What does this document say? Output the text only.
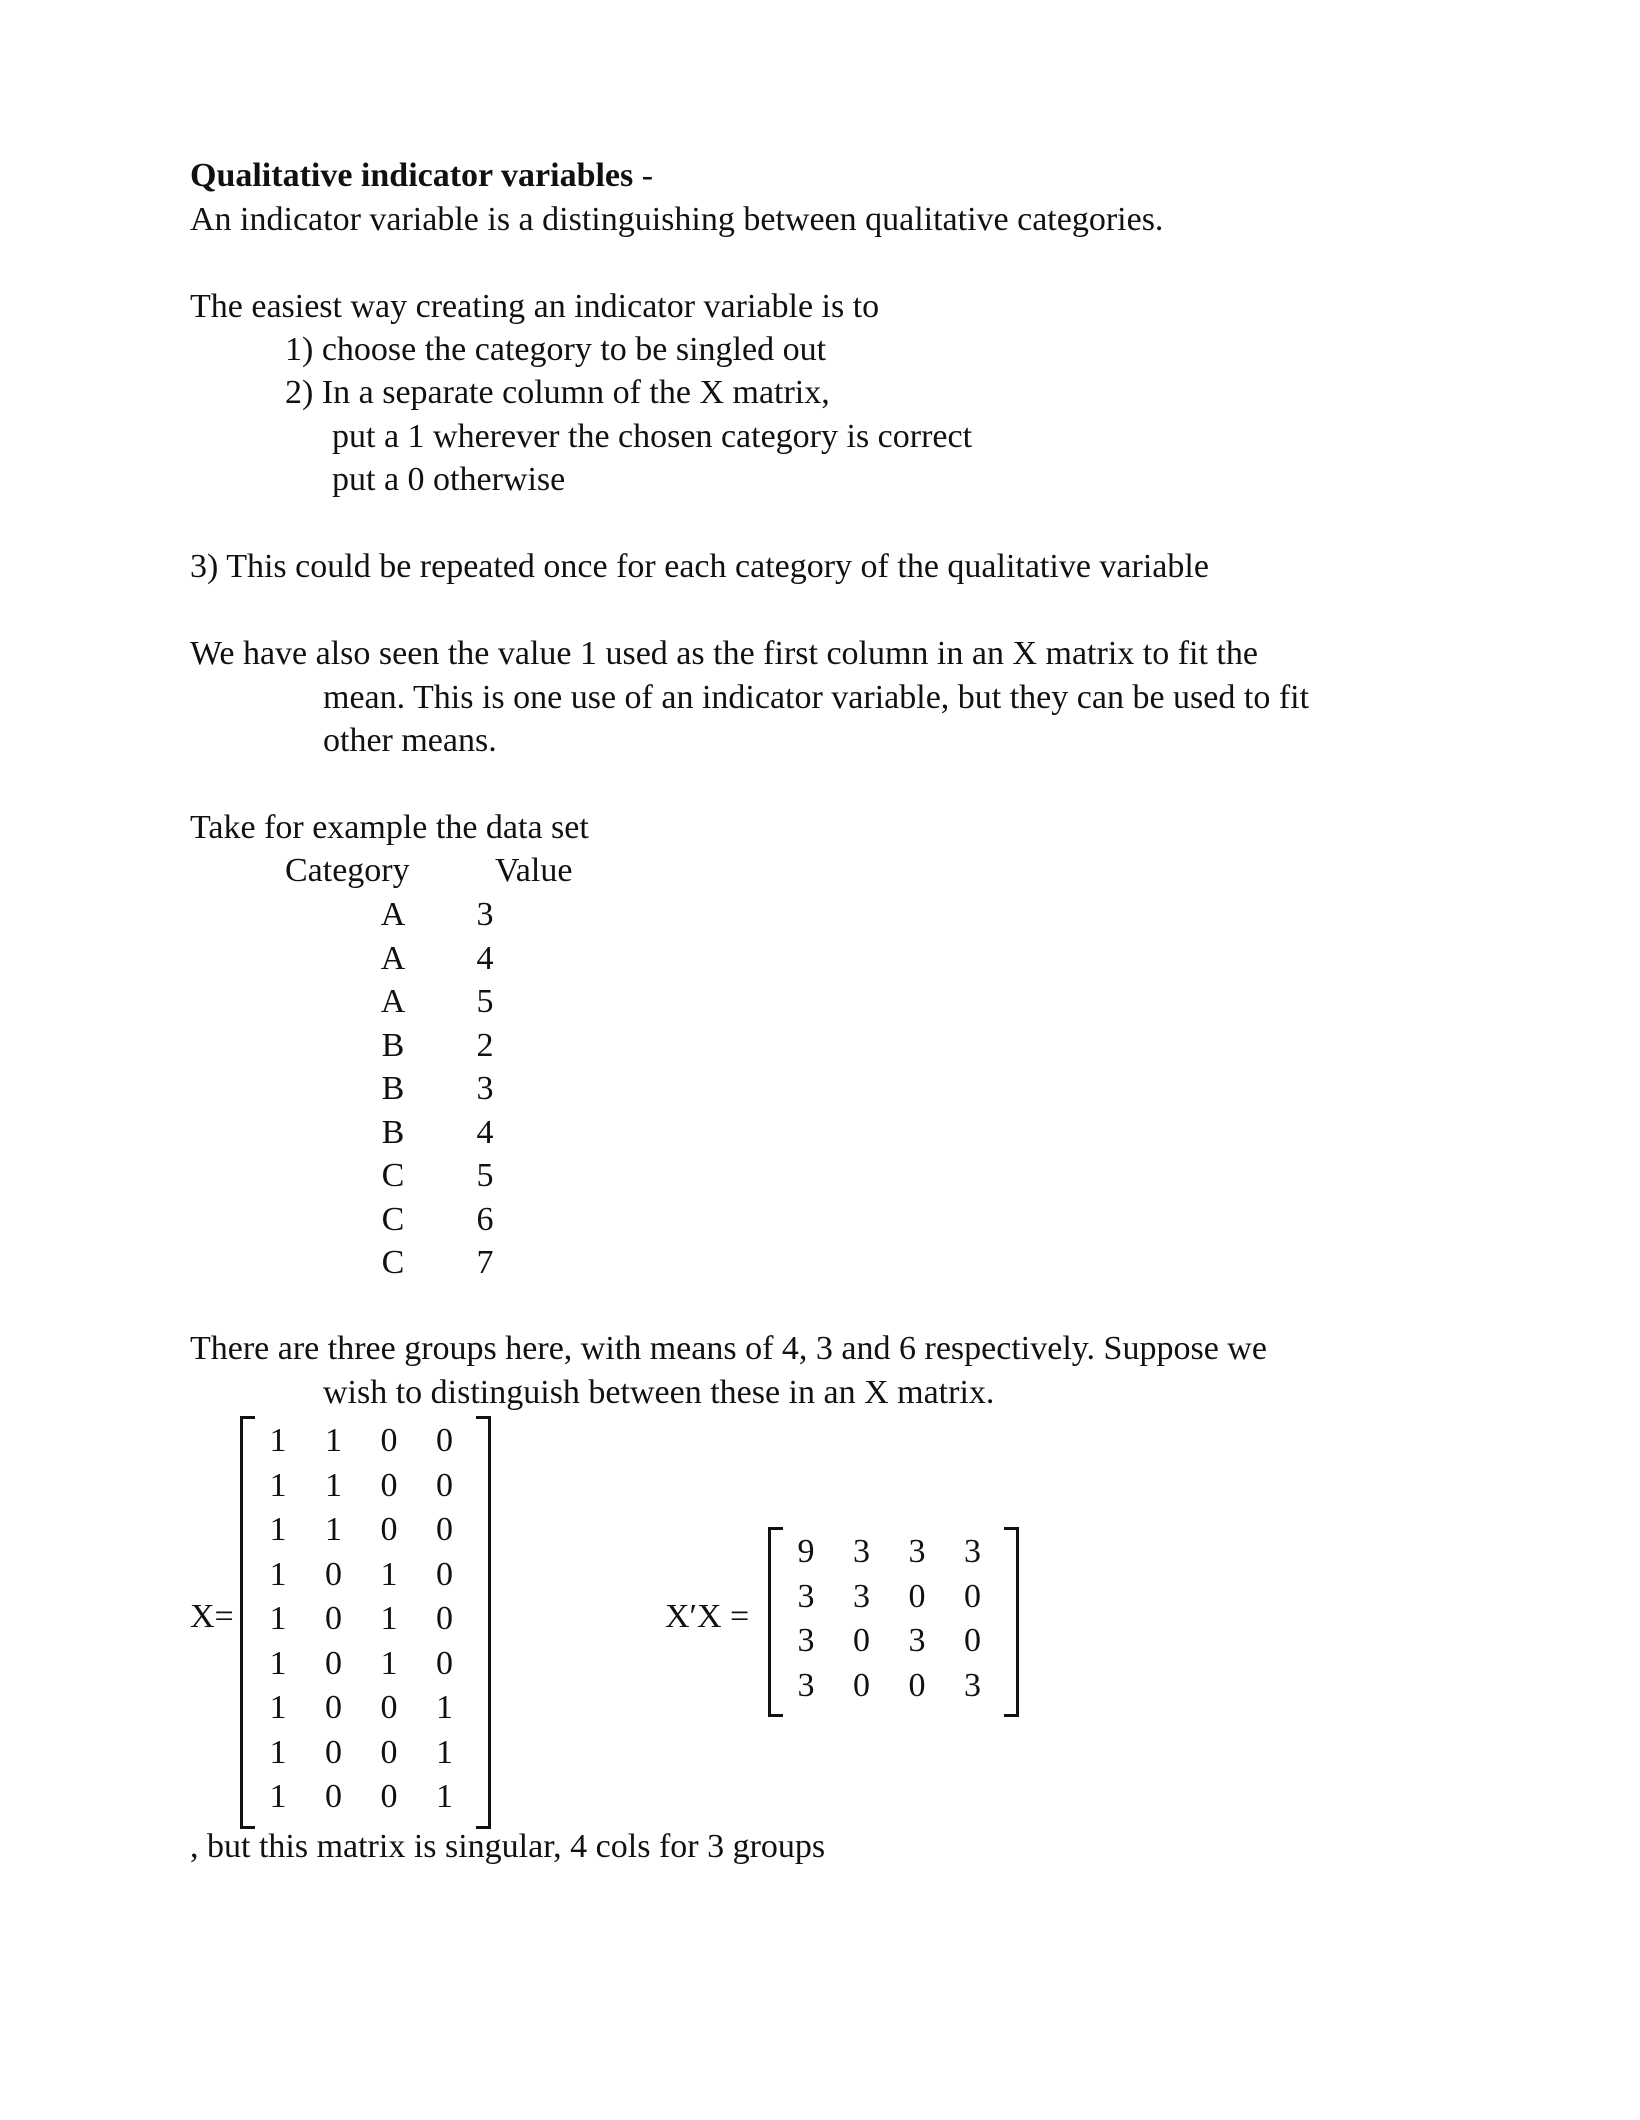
Qualitative indicator variables -
An indicator variable is a distinguishing between qualitative categories.
The easiest way creating an indicator variable is to
1) choose the category to be singled out
2) In a separate column of the X matrix,
put a 1 wherever the chosen category is correct
put a 0 otherwise
3) This could be repeated once for each category of the qualitative variable
We have also seen the value 1 used as the first column in an X matrix to fit the
mean. This is one use of an indicator variable, but they can be used to fit
other means.
Take for example the data set
Category	Value
A	3
A	4
A	5
B	2
B	3
B	4
C	5
C	6
C	7
There are three groups here, with means of 4, 3 and 6 respectively. Suppose we
wish to distinguish between these in an X matrix.
X=
1	1	0	0
1	1	0	0
1	1	0	0
1	0	1	0
1	0	1	0
1	0	1	0
1	0	0	1
1	0	0	1
1	0	0	1
X′X =
9	3	3	3
3	3	0	0
3	0	3	0
3	0	0	3
, but this matrix is singular, 4 cols for 3 groups
